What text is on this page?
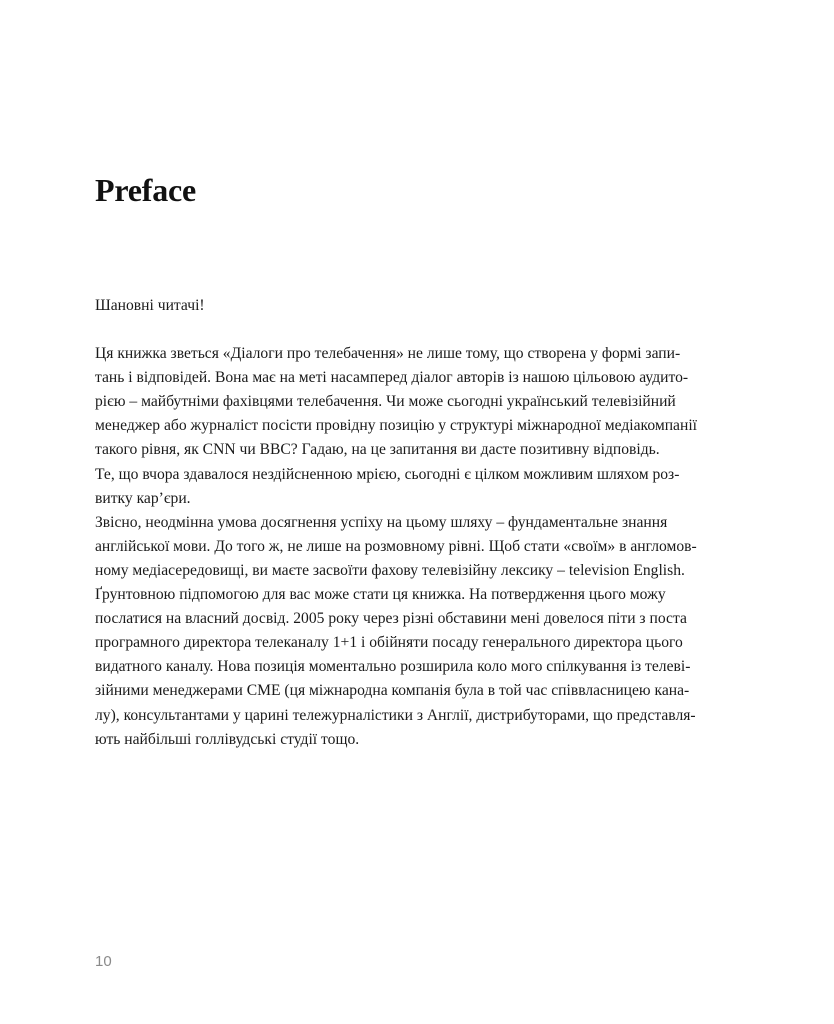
Preface

Шановні читачі!

Ця книжка зветься «Діалоги про телебачення» не лише тому, що створена у формі запи-
тань і відповідей. Вона має на меті насамперед діалог авторів із нашою цільовою аудито-
рією – майбутніми фахівцями телебачення. Чи може сьогодні український телевізійний
менеджер або журналіст посісти провідну позицію у структурі міжнародної медіакомпанії
такого рівня, як CNN чи BBC? Гадаю, на це запитання ви дасте позитивну відповідь.
Те, що вчора здавалося нездійсненною мрією, сьогодні є цілком можливим шляхом роз-
витку кар’єри.
Звісно, неодмінна умова досягнення успіху на цьому шляху – фундаментальне знання
англійської мови. До того ж, не лише на розмовному рівні. Щоб стати «своїм» в англомов-
ному медіасередовищі, ви маєте засвоїти фахову телевізійну лексику – television English.
Ґрунтовною підпомогою для вас може стати ця книжка. На потвердження цього можу
послатися на власний досвід. 2005 року через різні обставини мені довелося піти з поста
програмного директора телеканалу 1+1 і обійняти посаду генерального директора цього
видатного каналу. Нова позиція моментально розширила коло мого спілкування із телеві-
зійними менеджерами CME (ця міжнародна компанія була в той час співвласницею кана-
лу), консультантами у царині тележурналістики з Англії, дистрибуторами, що представля-
ють найбільші голлівудські студії тощо.

10
